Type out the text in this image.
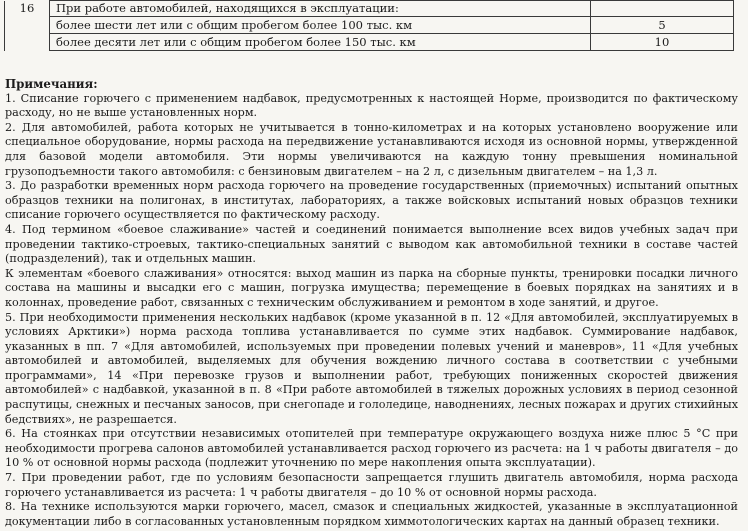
16	При работе автомобилей, находящихся в эксплуатации:	
	более шести лет или с общим пробегом более 100 тыс. км	5
	более десяти лет или с общим пробегом более 150 тыс. км	10
Примечания:

1. Списание горючего с применением надбавок, предусмотренных к настоящей Норме, производится по фактическому расходу, но не выше установленных норм.

2. Для автомобилей, работа которых не учитывается в тонно-километрах и на которых установлено вооружение или специальное оборудование, нормы расхода на передвижение устанавливаются исходя из основной нормы, утвержденной для базовой модели автомобиля. Эти нормы увеличиваются на каждую тонну превышения номинальной грузоподъемности такого автомобиля: с бензиновым двигателем – на 2 л, с дизельным двигателем – на 1,3 л.

3. До разработки временных норм расхода горючего на проведение государственных (приемочных) испытаний опытных образцов техники на полигонах, в институтах, лабораториях, а также войсковых испытаний новых образцов техники списание горючего осуществляется по фактическому расходу.

4. Под термином «боевое слаживание» частей и соединений понимается выполнение всех видов учебных задач при проведении тактико-строевых, тактико-специальных занятий с выводом как автомобильной техники в составе частей (подразделений), так и отдельных машин.

К элементам «боевого слаживания» относятся: выход машин из парка на сборные пункты, тренировки посадки личного состава на машины и высадки его с машин, погрузка имущества; перемещение в боевых порядках на занятиях и в колоннах, проведение работ, связанных с техническим обслуживанием и ремонтом в ходе занятий, и другое.

5. При необходимости применения нескольких надбавок (кроме указанной в п. 12 «Для автомобилей, эксплуатируемых в условиях Арктики») норма расхода топлива устанавливается по сумме этих надбавок. Суммирование надбавок, указанных в пп. 7 «Для автомобилей, используемых при проведении полевых учений и маневров», 11 «Для учебных автомобилей и автомобилей, выделяемых для обучения вождению личного состава в соответствии с учебными программами», 14 «При перевозке грузов и выполнении работ, требующих пониженных скоростей движения автомобилей» с надбавкой, указанной в п. 8 «При работе автомобилей в тяжелых дорожных условиях в период сезонной распутицы, снежных и песчаных заносов, при снегопаде и гололедице, наводнениях, лесных пожарах и других стихийных бедствиях», не разрешается.

6. На стоянках при отсутствии независимых отопителей при температуре окружающего воздуха ниже плюс 5 °C при необходимости прогрева салонов автомобилей устанавливается расход горючего из расчета: на 1 ч работы двигателя – до 10 % от основной нормы расхода (подлежит уточнению по мере накопления опыта эксплуатации).

7. При проведении работ, где по условиям безопасности запрещается глушить двигатель автомобиля, норма расхода горючего устанавливается из расчета: 1 ч работы двигателя – до 10 % от основной нормы расхода.

8. На технике используются марки горючего, масел, смазок и специальных жидкостей, указанные в эксплуатационной документации либо в согласованных установленным порядком химмотологических картах на данный образец техники.
